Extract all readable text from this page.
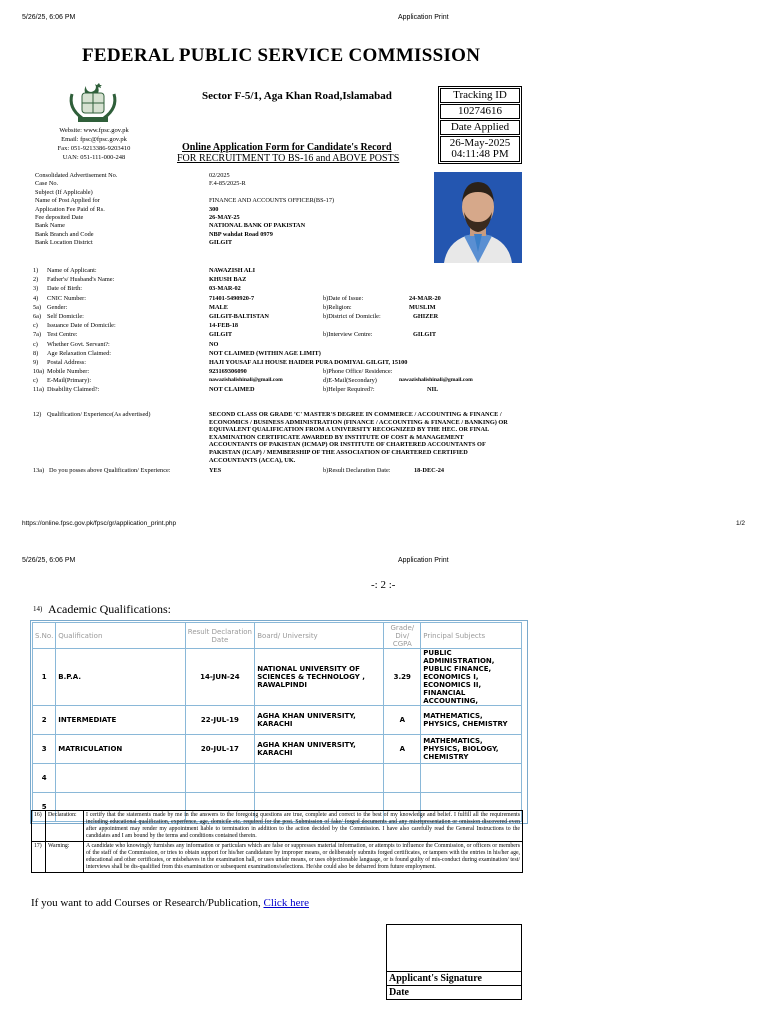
5/26/25, 6:06 PM	Application Print
FEDERAL PUBLIC SERVICE COMMISSION
Website: www.fpsc.gov.pk
Email: fpsc@fpsc.gov.pk
Fax: 051-9213386-9203410
UAN: 051-111-000-248
Sector F-5/1, Aga Khan Road,Islamabad
Online Application Form for Candidate's Record
FOR RECRUITMENT TO BS-16 and ABOVE POSTS
Tracking ID
10274616
Date Applied
26-May-2025
04:11:48 PM
Consolidated Advertisement No.	02/2025
Case No.	F.4-85/2025-R
Subject (If Applicable)
Name of Post Applied for	FINANCE AND ACCOUNTS OFFICER(BS-17)
Application Fee Paid of Rs.	300
Fee deposited Date	26-MAY-25
Bank Name	NATIONAL BANK OF PAKISTAN
Bank Branch and Code	NBP wahdat Road 0979
Bank Location District	GILGIT
1) Name of Applicant:	NAWAZISH ALI
2) Father's/ Husband's Name:	KHUSH BAZ
3) Date of Birth:	03-MAR-02
4) CNIC Number:	71401-5490920-7	b)Date of Issue:	24-MAR-20
5a) Gender:	MALE	b)Religion:	MUSLIM
6a) Self Domicile:	GILGIT-BALTISTAN	b)District of Domicile:	GHIZER
c) Issuance Date of Domicile:	14-FEB-18
7a) Test Centre:	GILGIT	b)Interview Centre:	GILGIT
c) Whether Govt. Servant?:	NO
8) Age Relaxation Claimed:	NOT CLAIMED (WITHIN AGE LIMIT)
9) Postal Address:	HAJI YOUSAF ALI HOUSE HAIDER PURA DOMIYAL GILGIT, 15100
10a) Mobile Number:	923169306090	b)Phone Office/ Residence:
c) E-Mail(Primary):	nawazishalishinali@gmail.com	d)E-Mail(Secondary)	nawazishalishinali@gmail.com
11a) Disability Claimed?:	NOT CLAIMED	b)Helper Required?:	NIL
12) Qualification/ Experience(As advertised)	SECOND CLASS OR GRADE 'C' MASTER'S DEGREE IN COMMERCE / ACCOUNTING & FINANCE / ECONOMICS / BUSINESS ADMINISTRATION (FINANCE / ACCOUNTING & FINANCE / BANKING) OR EQUIVALENT QUALIFICATION FROM A UNIVERSITY RECOGNIZED BY THE HEC. OR FINAL EXAMINATION CERTIFICATE AWARDED BY INSTITUTE OF COST & MANAGEMENT ACCOUNTANTS OF PAKISTAN (ICMAP) OR INSTITUTE OF CHARTERED ACCOUNTANTS OF PAKISTAN (ICAP) / MEMBERSHIP OF THE ASSOCIATION OF CHARTERED CERTIFIED ACCOUNTANTS (ACCA), UK.
13a) Do you posses above Qualification/ Experience:	YES	b)Result Declaration Date:	18-DEC-24
https://online.fpsc.gov.pk/fpsc/gr/application_print.php	1/2
5/26/25, 6:06 PM	Application Print
-: 2 :-
14) Academic Qualifications:
S.No.	Qualification	Result Declaration Date	Board/ University	Grade/ Div/ CGPA	Principal Subjects
1	B.P.A.	14-JUN-24	NATIONAL UNIVERSITY OF SCIENCES & TECHNOLOGY , RAWALPINDI	3.29	PUBLIC ADMINISTRATION, PUBLIC FINANCE, ECONOMICS I, ECONOMICS II, FINANCIAL ACCOUNTING,
2	INTERMEDIATE	22-JUL-19	AGHA KHAN UNIVERSITY, KARACHI	A	MATHEMATICS, PHYSICS, CHEMISTRY
3	MATRICULATION	20-JUL-17	AGHA KHAN UNIVERSITY, KARACHI	A	MATHEMATICS, PHYSICS, BIOLOGY, CHEMISTRY
4					
5					
16)	Declaration:	I certify that the statements made by me in the answers to the foregoing questions are true, complete and correct to the best of my knowledge and belief. I fulfill all the requirements including educational qualification, experience, age, domicile etc. required for the post. Submission of fake/ forged documents and any misrepresentation or omission discovered even after appointment may render my appointment liable to termination in addition to the action decided by the Commission. I have also carefully read the General Instructions to the candidates and I am bound by the terms and conditions contained therein.
17)	Warning:	A candidate who knowingly furnishes any information or particulars which are false or suppresses material information, or attempts to influence the Commission, or officers or members of the staff of the Commission, or tries to obtain support for his/her candidature by improper means, or deliberately submits forged certificates, or tampers with the entries in his/her age, educational and other certificates, or misbehaves in the examination hall, or uses unfair means, or uses objectionable language, or is found guilty of mis-conduct during examination/ test/ interviews shall be dis-qualified from this examination or subsequent examinations/selections. He/she could also be debarred from future employment.
If you want to add Courses or Research/Publication, Click here

Applicant's Signature
Date
